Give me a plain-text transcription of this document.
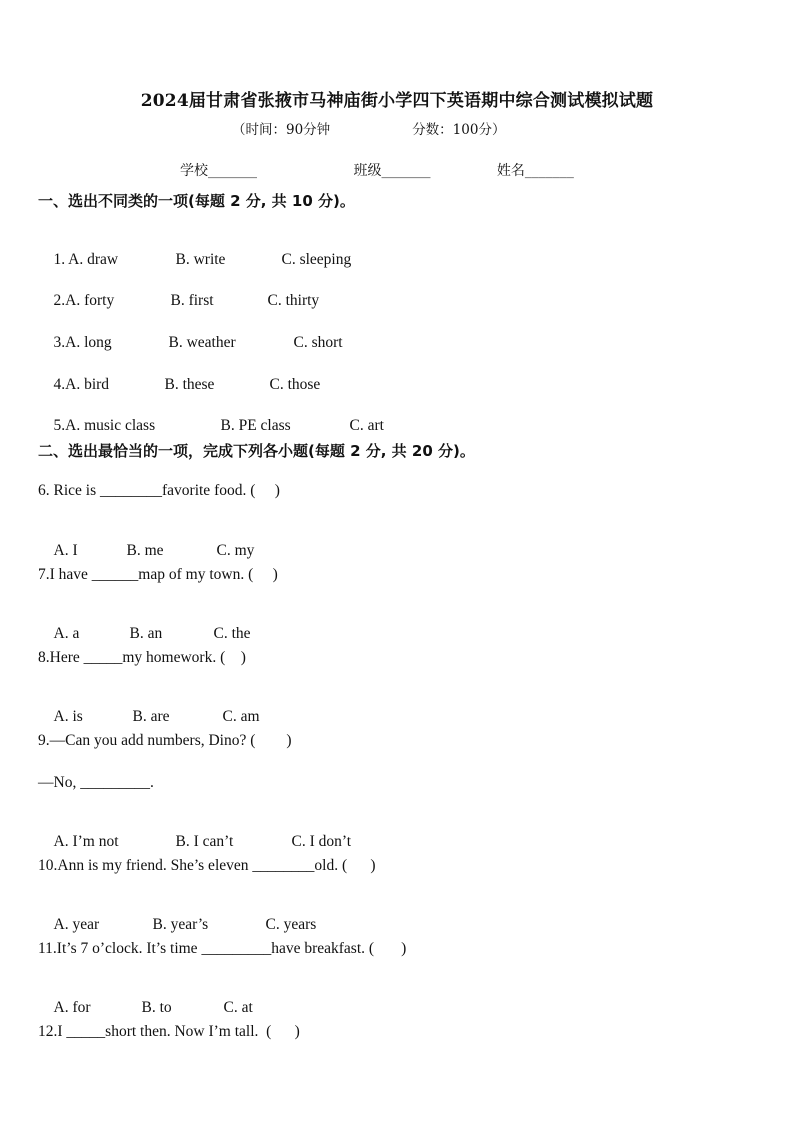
2024届甘肃省张掖市马神庙街小学四下英语期中综合测试模拟试题
（时间：90分钟	分数：100分）
学校_______	班级_______	姓名_______
一、选出不同类的一项(每题 2 分, 共 10 分)。

1. A. draw	B. write	C. sleeping

2.A. forty	B. first	C. thirty

3.A. long	B. weather	C. short

4.A. bird	B. these	C. those

5.A. music class	B. PE class	C. art

二、选出最恰当的一项，完成下列各小题(每题 2 分, 共 20 分)。
6. Rice is ________favorite food. (     )

A. I	B. me	C. my

7.I have ______map of my town. (     )

A. a	B. an	C. the

8.Here _____my homework. (    )

A. is	B. are	C. am

9.—Can you add numbers, Dino? (        )
—No, _________.

A. I’m not	B. I can’t	C. I don’t

10.Ann is my friend. She’s eleven ________old. (      )

A. year	B. year’s	C. years

11.It’s 7 o’clock. It’s time _________have breakfast. (       )

A. for	B. to	C. at

12.I _____short then. Now I’m tall.  (      )
